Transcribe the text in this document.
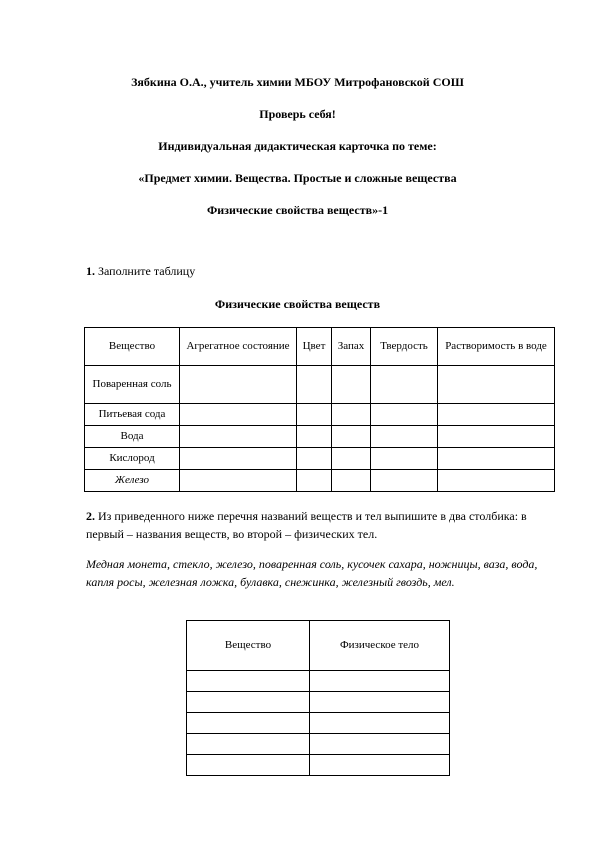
Зябкина О.А., учитель химии МБОУ Митрофановской СОШ
Проверь себя!
Индивидуальная дидактическая карточка по теме:
«Предмет химии. Вещества. Простые и сложные вещества
Физические свойства веществ»-1
1. Заполните таблицу
Физические свойства веществ
Вещество	Агрегатное состояние	Цвет	Запах	Твердость	Растворимость в воде
Поваренная соль					
Питьевая сода					
Вода					
Кислород					
Железо					
2. Из приведенного ниже перечня названий веществ и тел выпишите в два столбика: в первый – названия веществ, во второй – физических тел.
Медная монета, стекло, железо, поваренная соль, кусочек сахара, ножницы, ваза, вода, капля росы, железная ложка, булавка, снежинка, железный гвоздь, мел.
Вещество	Физическое тело
